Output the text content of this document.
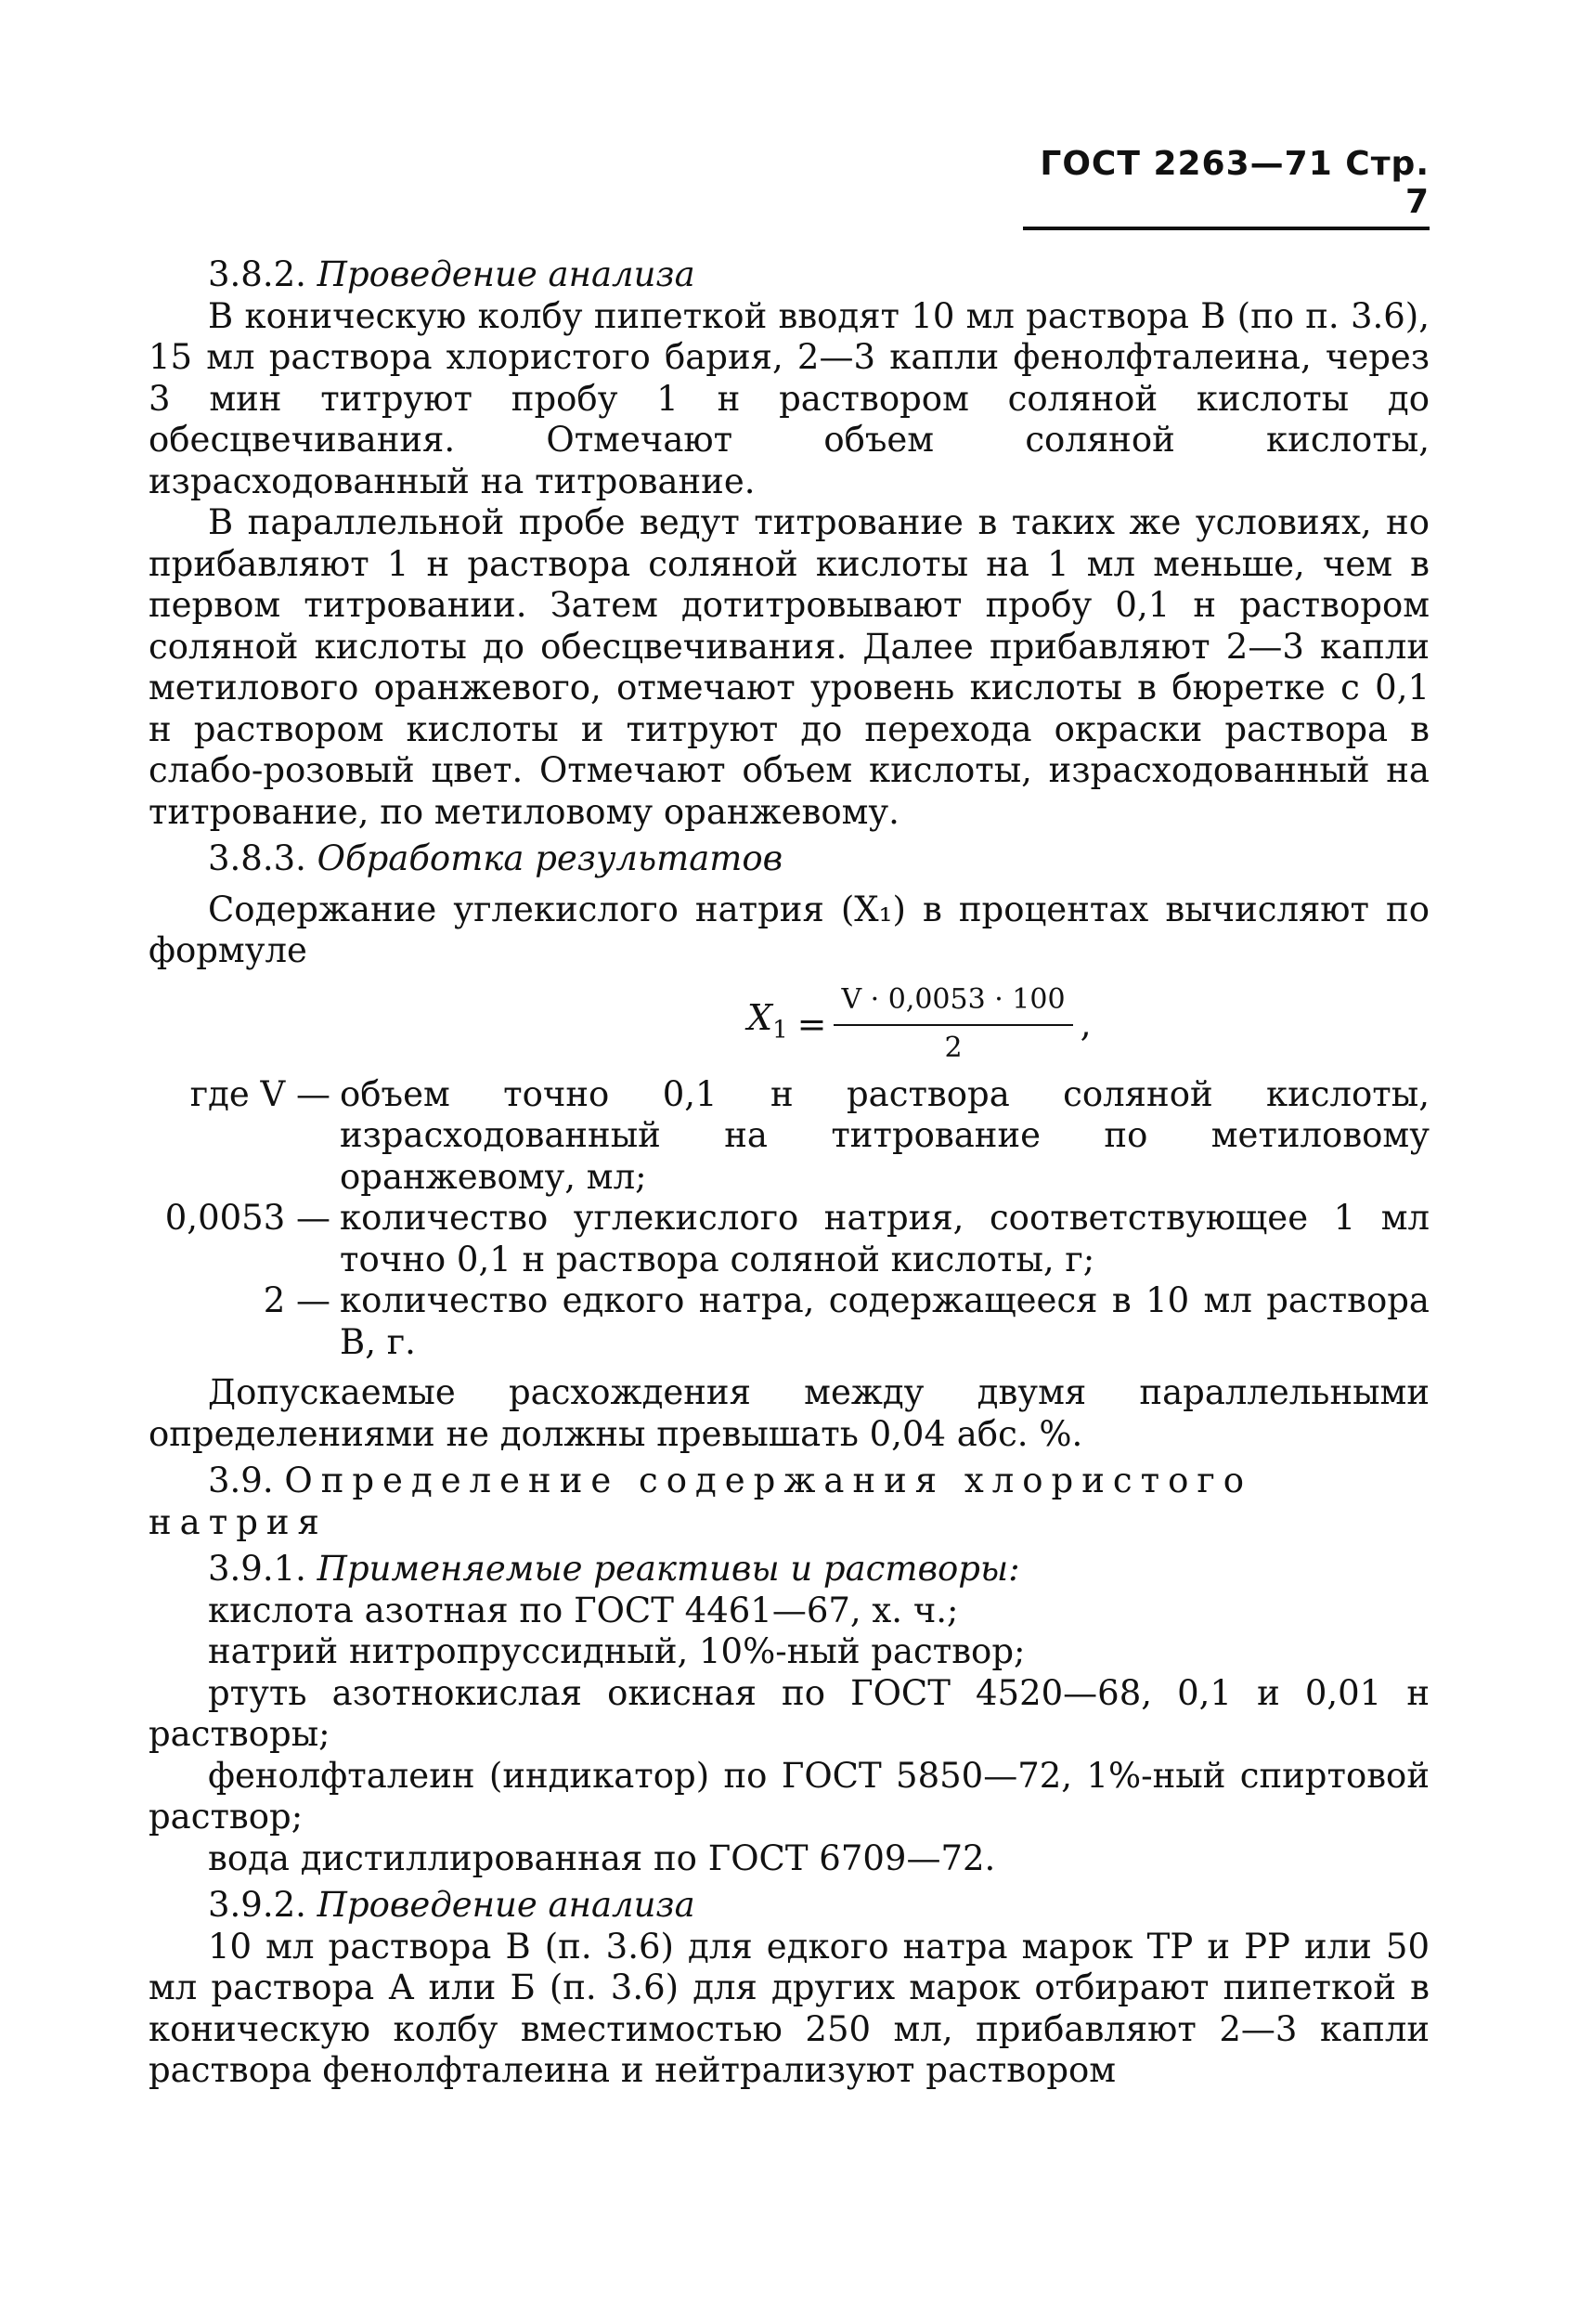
ГОСТ 2263—71 Стр. 7
3.8.2. Проведение анализа

В коническую колбу пипеткой вводят 10 мл раствора В (по п. 3.6), 15 мл раствора хлористого бария, 2—3 капли фенолфталеина, через 3 мин титруют пробу 1 н раствором соляной кислоты до обесцвечивания. Отмечают объем соляной кислоты, израсходованный на титрование.

В параллельной пробе ведут титрование в таких же условиях, но прибавляют 1 н раствора соляной кислоты на 1 мл меньше, чем в первом титровании. Затем дотитровывают пробу 0,1 н раствором соляной кислоты до обесцвечивания. Далее прибавляют 2—3 капли метилового оранжевого, отмечают уровень кислоты в бюретке с 0,1 н раствором кислоты и титруют до перехода окраски раствора в слабо-розовый цвет. Отмечают объем кислоты, израсходованный на титрование, по метиловому оранжевому.

3.8.3. Обработка результатов

Содержание углекислого натрия (X₁) в процентах вычисляют по формуле

$X_1 = \frac{V \cdot 0,0053 \cdot 100}{2}$ ,
где V — объем точно 0,1 н раствора соляной кислоты, израсходованный на титрование по метиловому оранжевому, мл;
0,0053 — количество углекислого натрия, соответствующее 1 мл точно 0,1 н раствора соляной кислоты, г;
2 — количество едкого натра, содержащееся в 10 мл раствора В, г.

Допускаемые расхождения между двумя параллельными определениями не должны превышать 0,04 абс. %.

3.9. Определение содержания хлористого натрия
3.9.1. Применяемые реактивы и растворы:

кислота азотная по ГОСТ 4461—67, х. ч.;

натрий нитропруссидный, 10%-ный раствор;

ртуть азотнокислая окисная по ГОСТ 4520—68, 0,1 и 0,01 н растворы;

фенолфталеин (индикатор) по ГОСТ 5850—72, 1%-ный спиртовой раствор;

вода дистиллированная по ГОСТ 6709—72.

3.9.2. Проведение анализа

10 мл раствора В (п. 3.6) для едкого натра марок ТР и РР или 50 мл раствора А или Б (п. 3.6) для других марок отбирают пипеткой в коническую колбу вместимостью 250 мл, прибавляют 2—3 капли раствора фенолфталеина и нейтрализуют раствором
